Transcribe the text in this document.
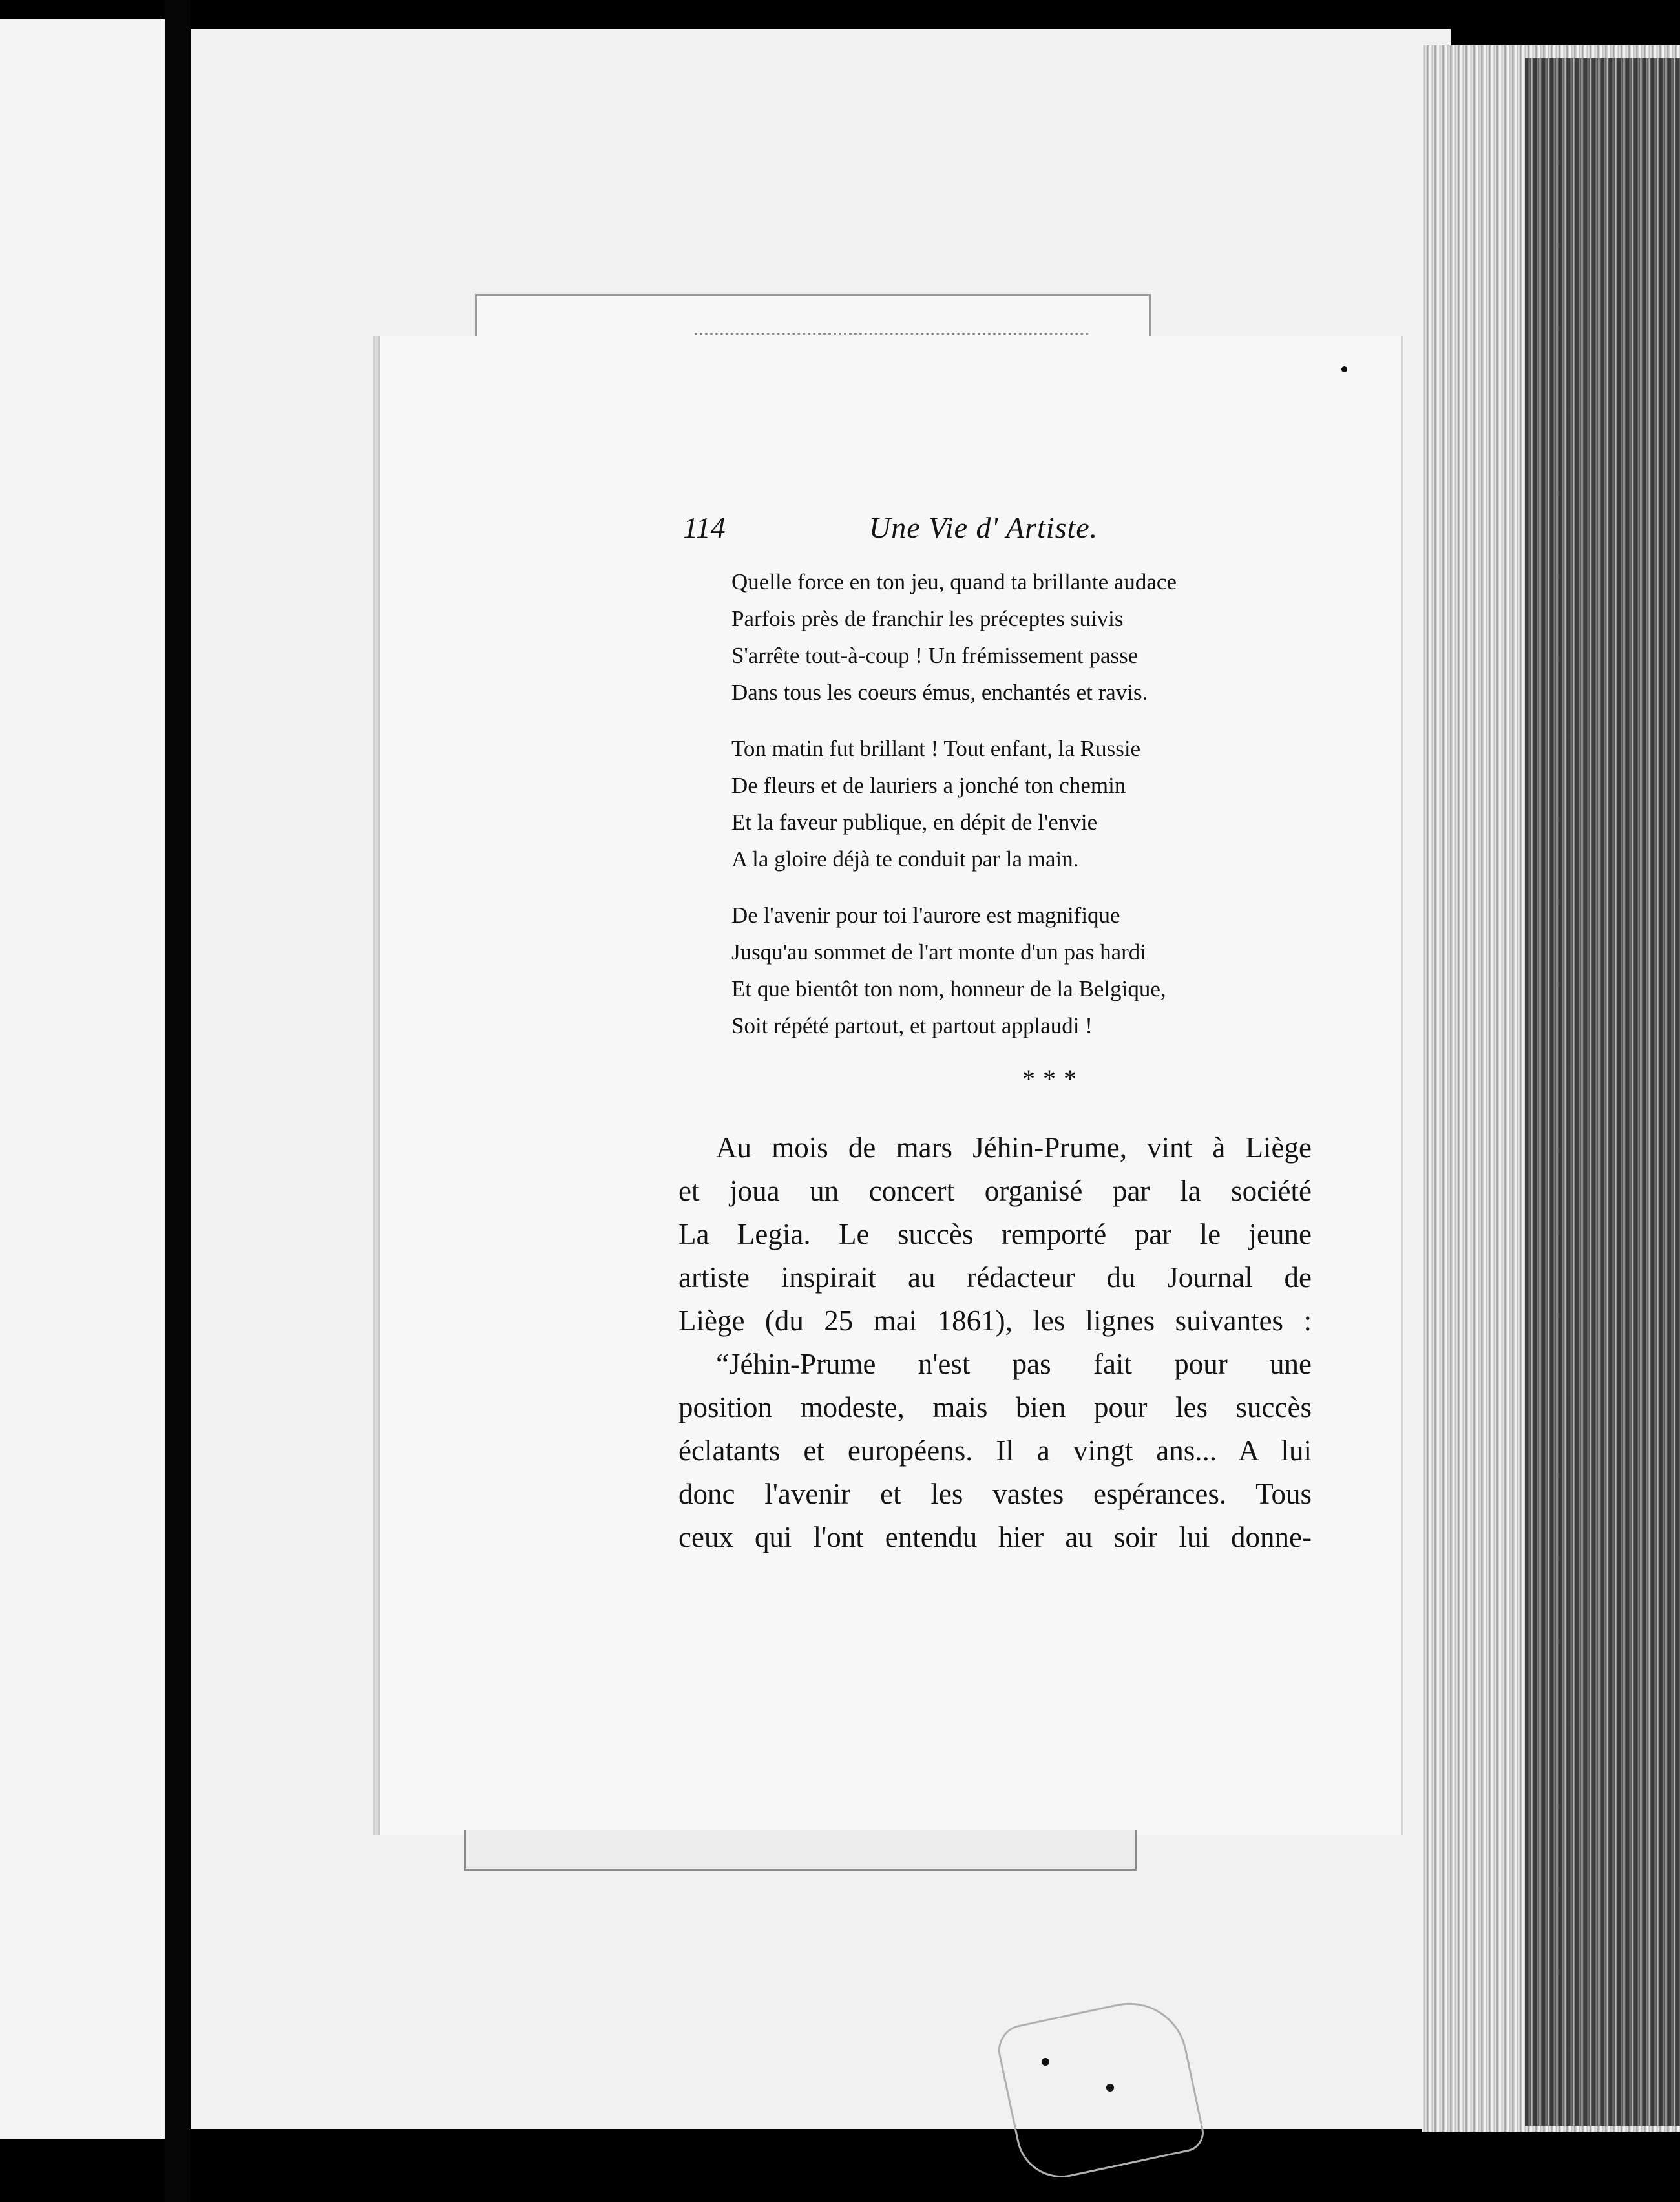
114	Une Vie d' Artiste.
Quelle force en ton jeu, quand ta brillante audace
Parfois près de franchir les préceptes suivis
S'arrête tout-à-coup ! Un frémissement passe
Dans tous les coeurs émus, enchantés et ravis.
Ton matin fut brillant ! Tout enfant, la Russie
De fleurs et de lauriers a jonché ton chemin
Et la faveur publique, en dépit de l'envie
A la gloire déjà te conduit par la main.
De l'avenir pour toi l'aurore est magnifique
Jusqu'au sommet de l'art monte d'un pas hardi
Et que bientôt ton nom, honneur de la Belgique,
Soit répété partout, et partout applaudi !
* * *
Au mois de mars Jéhin-Prume, vint à Liège
et joua un concert organisé par la société
La Legia. Le succès remporté par le jeune
artiste inspirait au rédacteur du Journal de
Liège (du 25 mai 1861), les lignes suivantes :
“Jéhin-Prume n'est pas fait pour une
position modeste, mais bien pour les succès
éclatants et européens. Il a vingt ans... A lui
donc l'avenir et les vastes espérances. Tous
ceux qui l'ont entendu hier au soir lui donne-
